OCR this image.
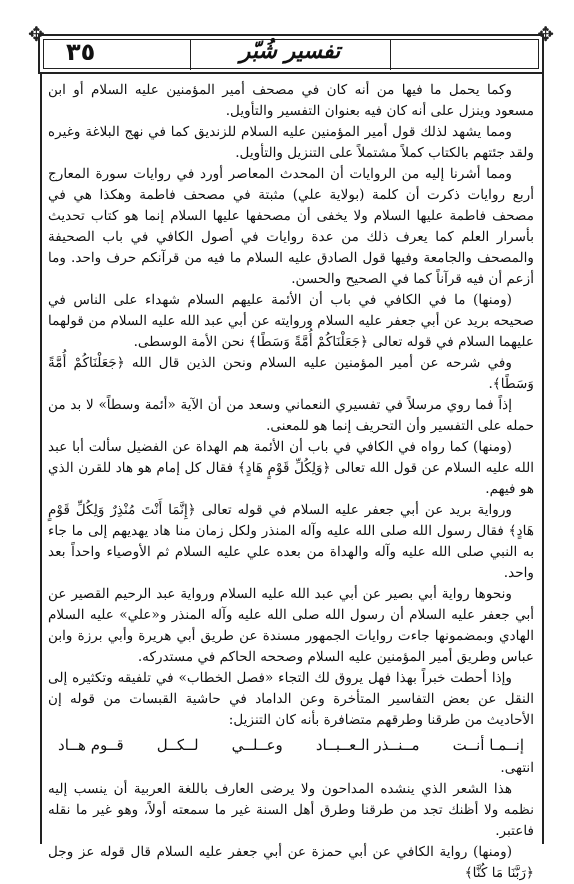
✥	✥
٣٥	تفسير شُبّر

وكما يحمل ما فيها من أنه كان في مصحف أمير المؤمنين عليه السلام أو ابن مسعود وينزل على أنه كان فيه بعنوان التفسير والتأويل.

ومما يشهد لذلك قول أمير المؤمنين عليه السلام للزنديق كما في نهج البلاغة وغيره ولقد جئتهم بالكتاب كملاً مشتملاً على التنزيل والتأويل.

ومما أشرنا إليه من الروايات أن المحدث المعاصر أورد في روايات سورة المعارج أربع روايات ذكرت أن كلمة (بولاية علي) مثبتة في مصحف فاطمة وهكذا هي في مصحف فاطمة عليها السلام ولا يخفى أن مصحفها عليها السلام إنما هو كتاب تحديث بأسرار العلم كما يعرف ذلك من عدة روايات في أصول الكافي في باب الصحيفة والمصحف والجامعة وفيها قول الصادق عليه السلام ما فيه من قرآنكم حرف واحد. وما أزعم أن فيه قرآناً كما في الصحيح والحسن.

(ومنها) ما في الكافي في باب أن الأئمة عليهم السلام شهداء على الناس في صحيحه بريد عن أبي جعفر عليه السلام وروايته عن أبي عبد الله عليه السلام من قولهما عليهما السلام في قوله تعالى ﴿جَعَلْنَاكُمْ أُمَّةً وَسَطًا﴾ نحن الأمة الوسطى.

وفي شرحه عن أمير المؤمنين عليه السلام ونحن الذين قال الله ﴿جَعَلْنَاكُمْ أُمَّةً وَسَطًا﴾.

إذاً فما روي مرسلاً في تفسيري النعماني وسعد من أن الآية «أئمة وسطاً» لا بد من حمله على التفسير وأن التحريف إنما هو للمعنى.

(ومنها) كما رواه في الكافي في باب أن الأئمة هم الهداة عن الفضيل سألت أبا عبد الله عليه السلام عن قول الله تعالى ﴿وَلِكُلِّ قَوْمٍ هَادٍ﴾ فقال كل إمام هو هاد للقرن الذي هو فيهم.

ورواية بريد عن أبي جعفر عليه السلام في قوله تعالى ﴿إِنَّمَا أَنْتَ مُنْذِرٌ وَلِكُلِّ قَوْمٍ هَادٍ﴾ فقال رسول الله صلى الله عليه وآله المنذر ولكل زمان منا هاد يهديهم إلى ما جاء به النبي صلى الله عليه وآله والهداة من بعده علي عليه السلام ثم الأوصياء واحداً بعد واحد.

ونحوها رواية أبي بصير عن أبي عبد الله عليه السلام ورواية عبد الرحيم القصير عن أبي جعفر عليه السلام أن رسول الله صلى الله عليه وآله المنذر و«علي» عليه السلام الهادي وبمضمونها جاءت روايات الجمهور مسندة عن طريق أبي هريرة وأبي برزة وابن عباس وطريق أمير المؤمنين عليه السلام وصححه الحاكم في مستدركه.

وإذا أحطت خبراً بهذا فهل يروق لك التجاء «فصل الخطاب» في تلفيقه وتكثيره إلى النقل عن بعض التفاسير المتأخرة وعن الداماد في حاشية القبسات من قوله إن الأحاديث من طرقنا وطرقهم متضافرة بأنه كان التنزيل:

إنــمـا أنــت
مــنــذر الـعــبــاد
وعــلــي
لــكــل
قــوم هــاد

انتهى.

هذا الشعر الذي ينشده المداحون ولا يرضى العارف باللغة العربية أن ينسب إليه نظمه ولا أظنك تجد من طرقنا وطرق أهل السنة غير ما سمعته أولاً، وهو غير ما نقله فاعتبر.

(ومنها) رواية الكافي عن أبي حمزة عن أبي جعفر عليه السلام قال قوله عز وجل ﴿رَبَّنَا مَا كُنَّا﴾
